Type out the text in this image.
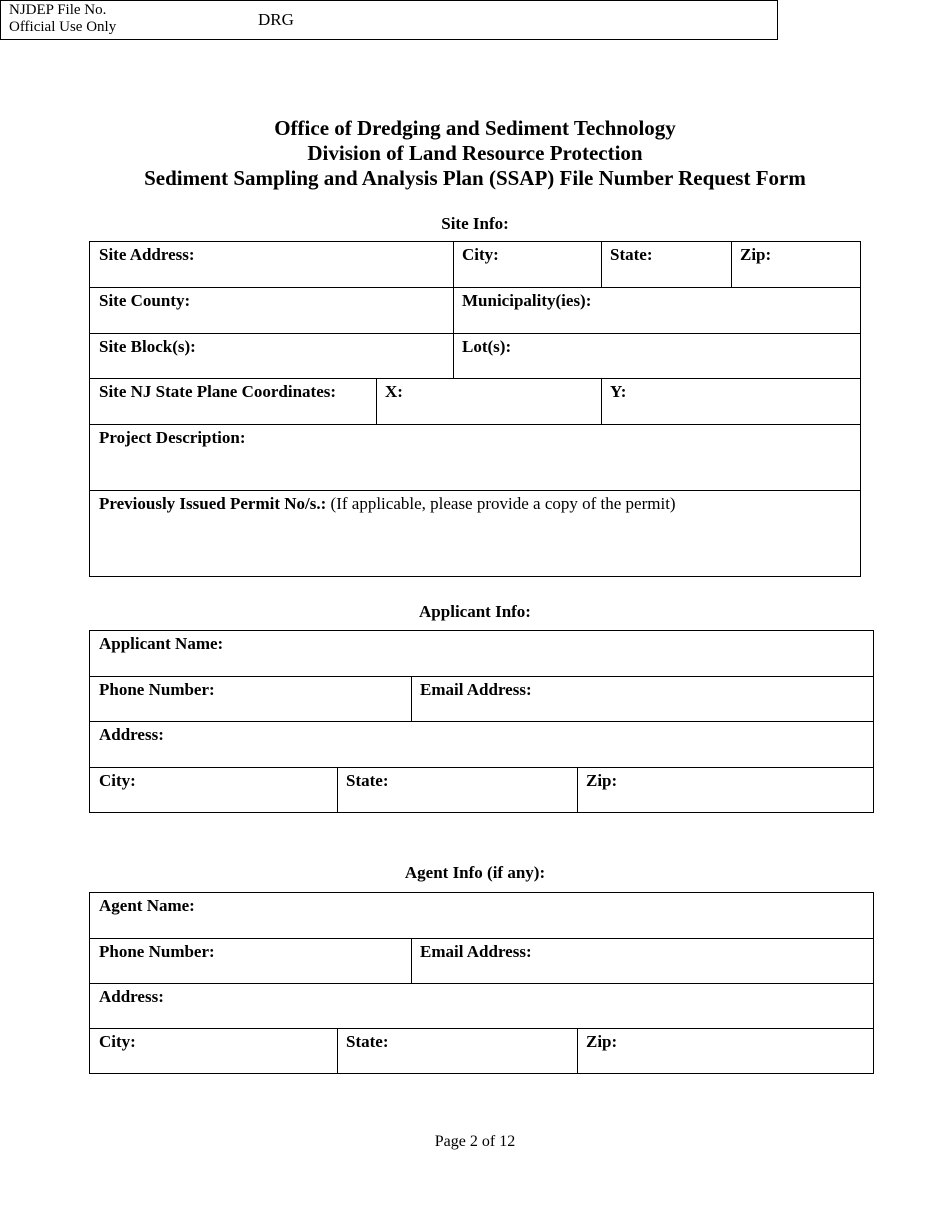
NJDEP File No.
Official Use Only	DRG
Office of Dredging and Sediment Technology
Division of Land Resource Protection
Sediment Sampling and Analysis Plan (SSAP) File Number Request Form
Site Info:
Site Address:	City:	State:	Zip:
Site County:	Municipality(ies):
Site Block(s):	Lot(s):
Site NJ State Plane Coordinates:	X:	Y:
Project Description:
Previously Issued Permit No/s.: (If applicable, please provide a copy of the permit)
Applicant Info:
Applicant Name:
Phone Number:	Email Address:
Address:
City:	State:	Zip:
Agent Info (if any):
Agent Name:
Phone Number:	Email Address:
Address:
City:	State:	Zip:
Page 2 of 12
